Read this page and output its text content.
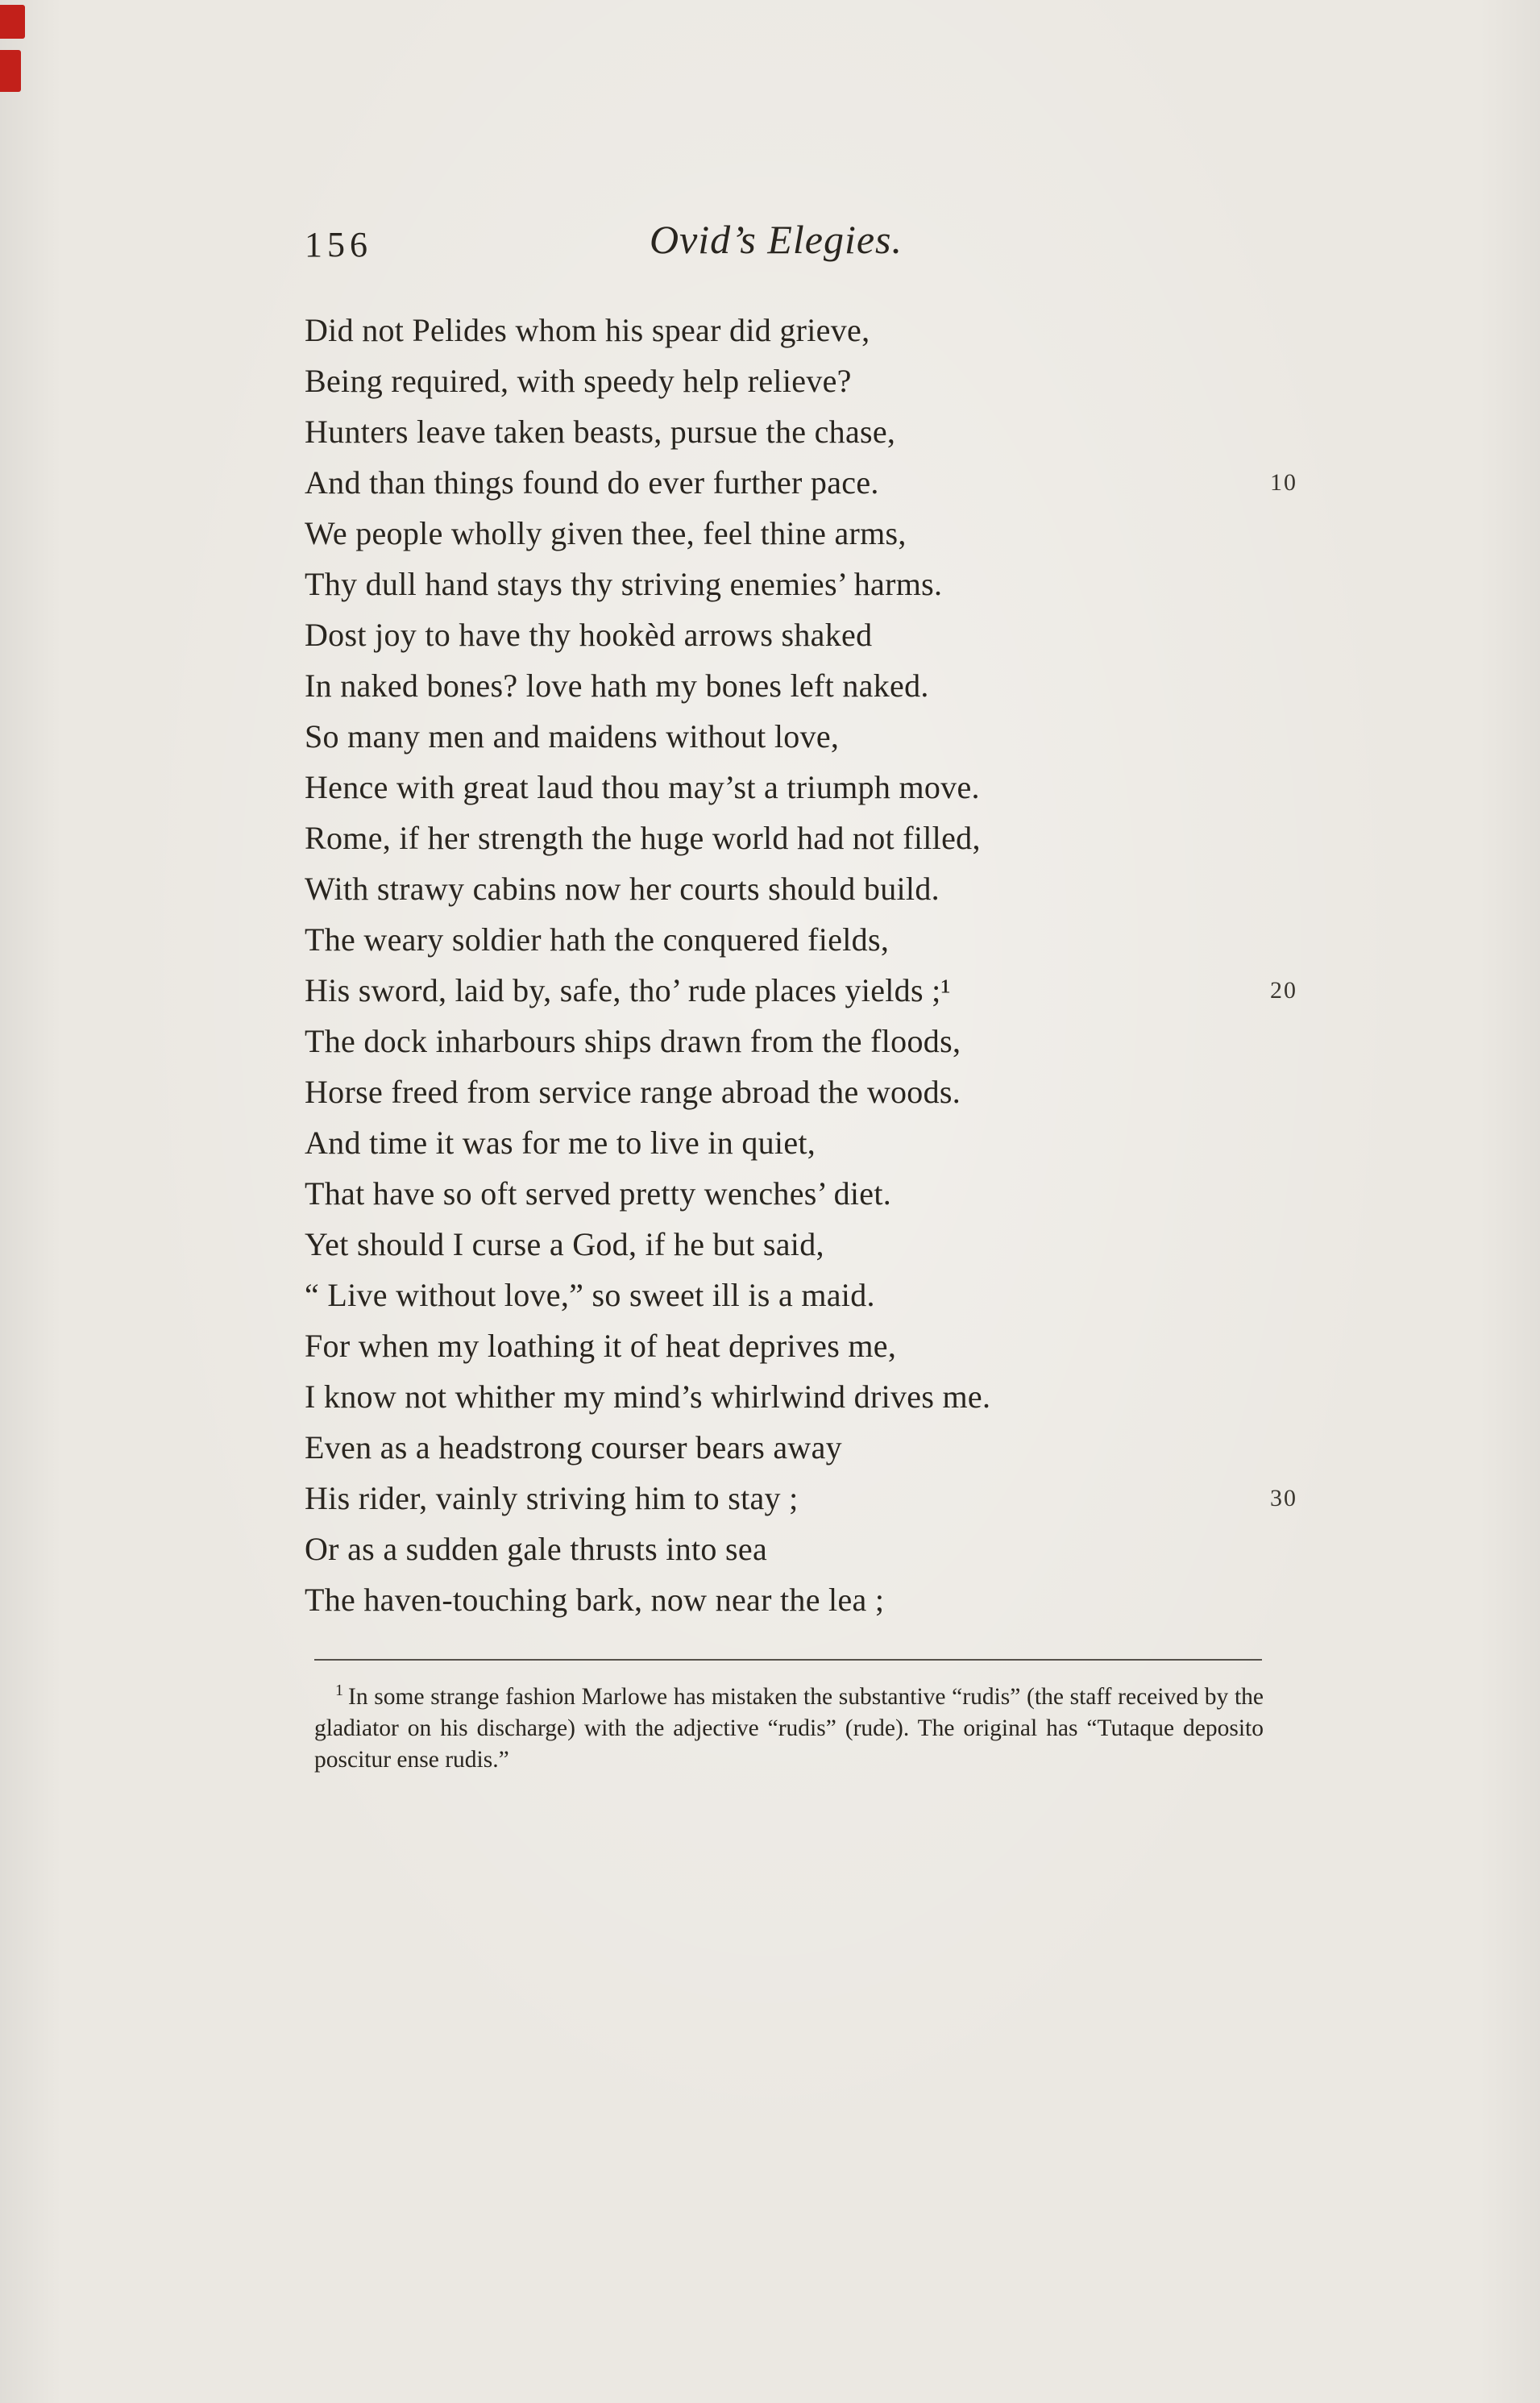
156	Ovid’s Elegies.
Did not Pelides whom his spear did grieve,
Being required, with speedy help relieve?
Hunters leave taken beasts, pursue the chase,
And than things found do ever further pace.	10
We people wholly given thee, feel thine arms,
Thy dull hand stays thy striving enemies’ harms.
Dost joy to have thy hookèd arrows shaked
In naked bones? love hath my bones left naked.
So many men and maidens without love,
Hence with great laud thou may’st a triumph move.
Rome, if her strength the huge world had not filled,
With strawy cabins now her courts should build.
The weary soldier hath the conquered fields,
His sword, laid by, safe, tho’ rude places yields ;¹	20
The dock inharbours ships drawn from the floods,
Horse freed from service range abroad the woods.
And time it was for me to live in quiet,
That have so oft served pretty wenches’ diet.
Yet should I curse a God, if he but said,
“ Live without love,” so sweet ill is a maid.
For when my loathing it of heat deprives me,
I know not whither my mind’s whirlwind drives me.
Even as a headstrong courser bears away
His rider, vainly striving him to stay ;	30
Or as a sudden gale thrusts into sea
The haven-touching bark, now near the lea ;

$^1$ In some strange fashion Marlowe has mistaken the substantive “rudis” (the staff received by the gladiator on his discharge) with the adjective “rudis” (rude). The original has “Tutaque deposito poscitur ense rudis.”
